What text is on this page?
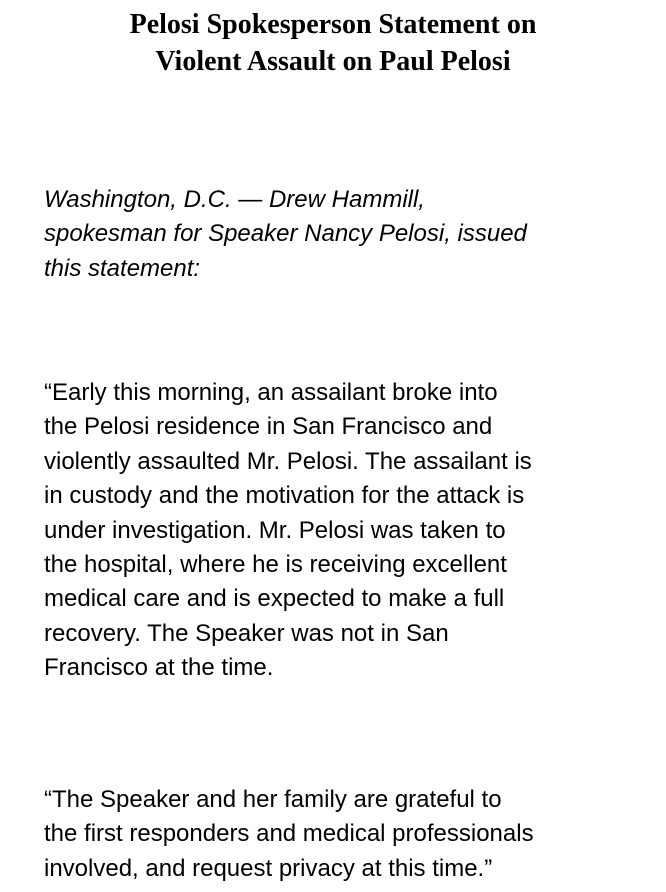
Pelosi Spokesperson Statement on
Violent Assault on Paul Pelosi

Washington, D.C. — Drew Hammill,
spokesman for Speaker Nancy Pelosi, issued
this statement:

“Early this morning, an assailant broke into
the Pelosi residence in San Francisco and
violently assaulted Mr. Pelosi. The assailant is
in custody and the motivation for the attack is
under investigation. Mr. Pelosi was taken to
the hospital, where he is receiving excellent
medical care and is expected to make a full
recovery. The Speaker was not in San
Francisco at the time.

“The Speaker and her family are grateful to
the first responders and medical professionals
involved, and request privacy at this time.”
